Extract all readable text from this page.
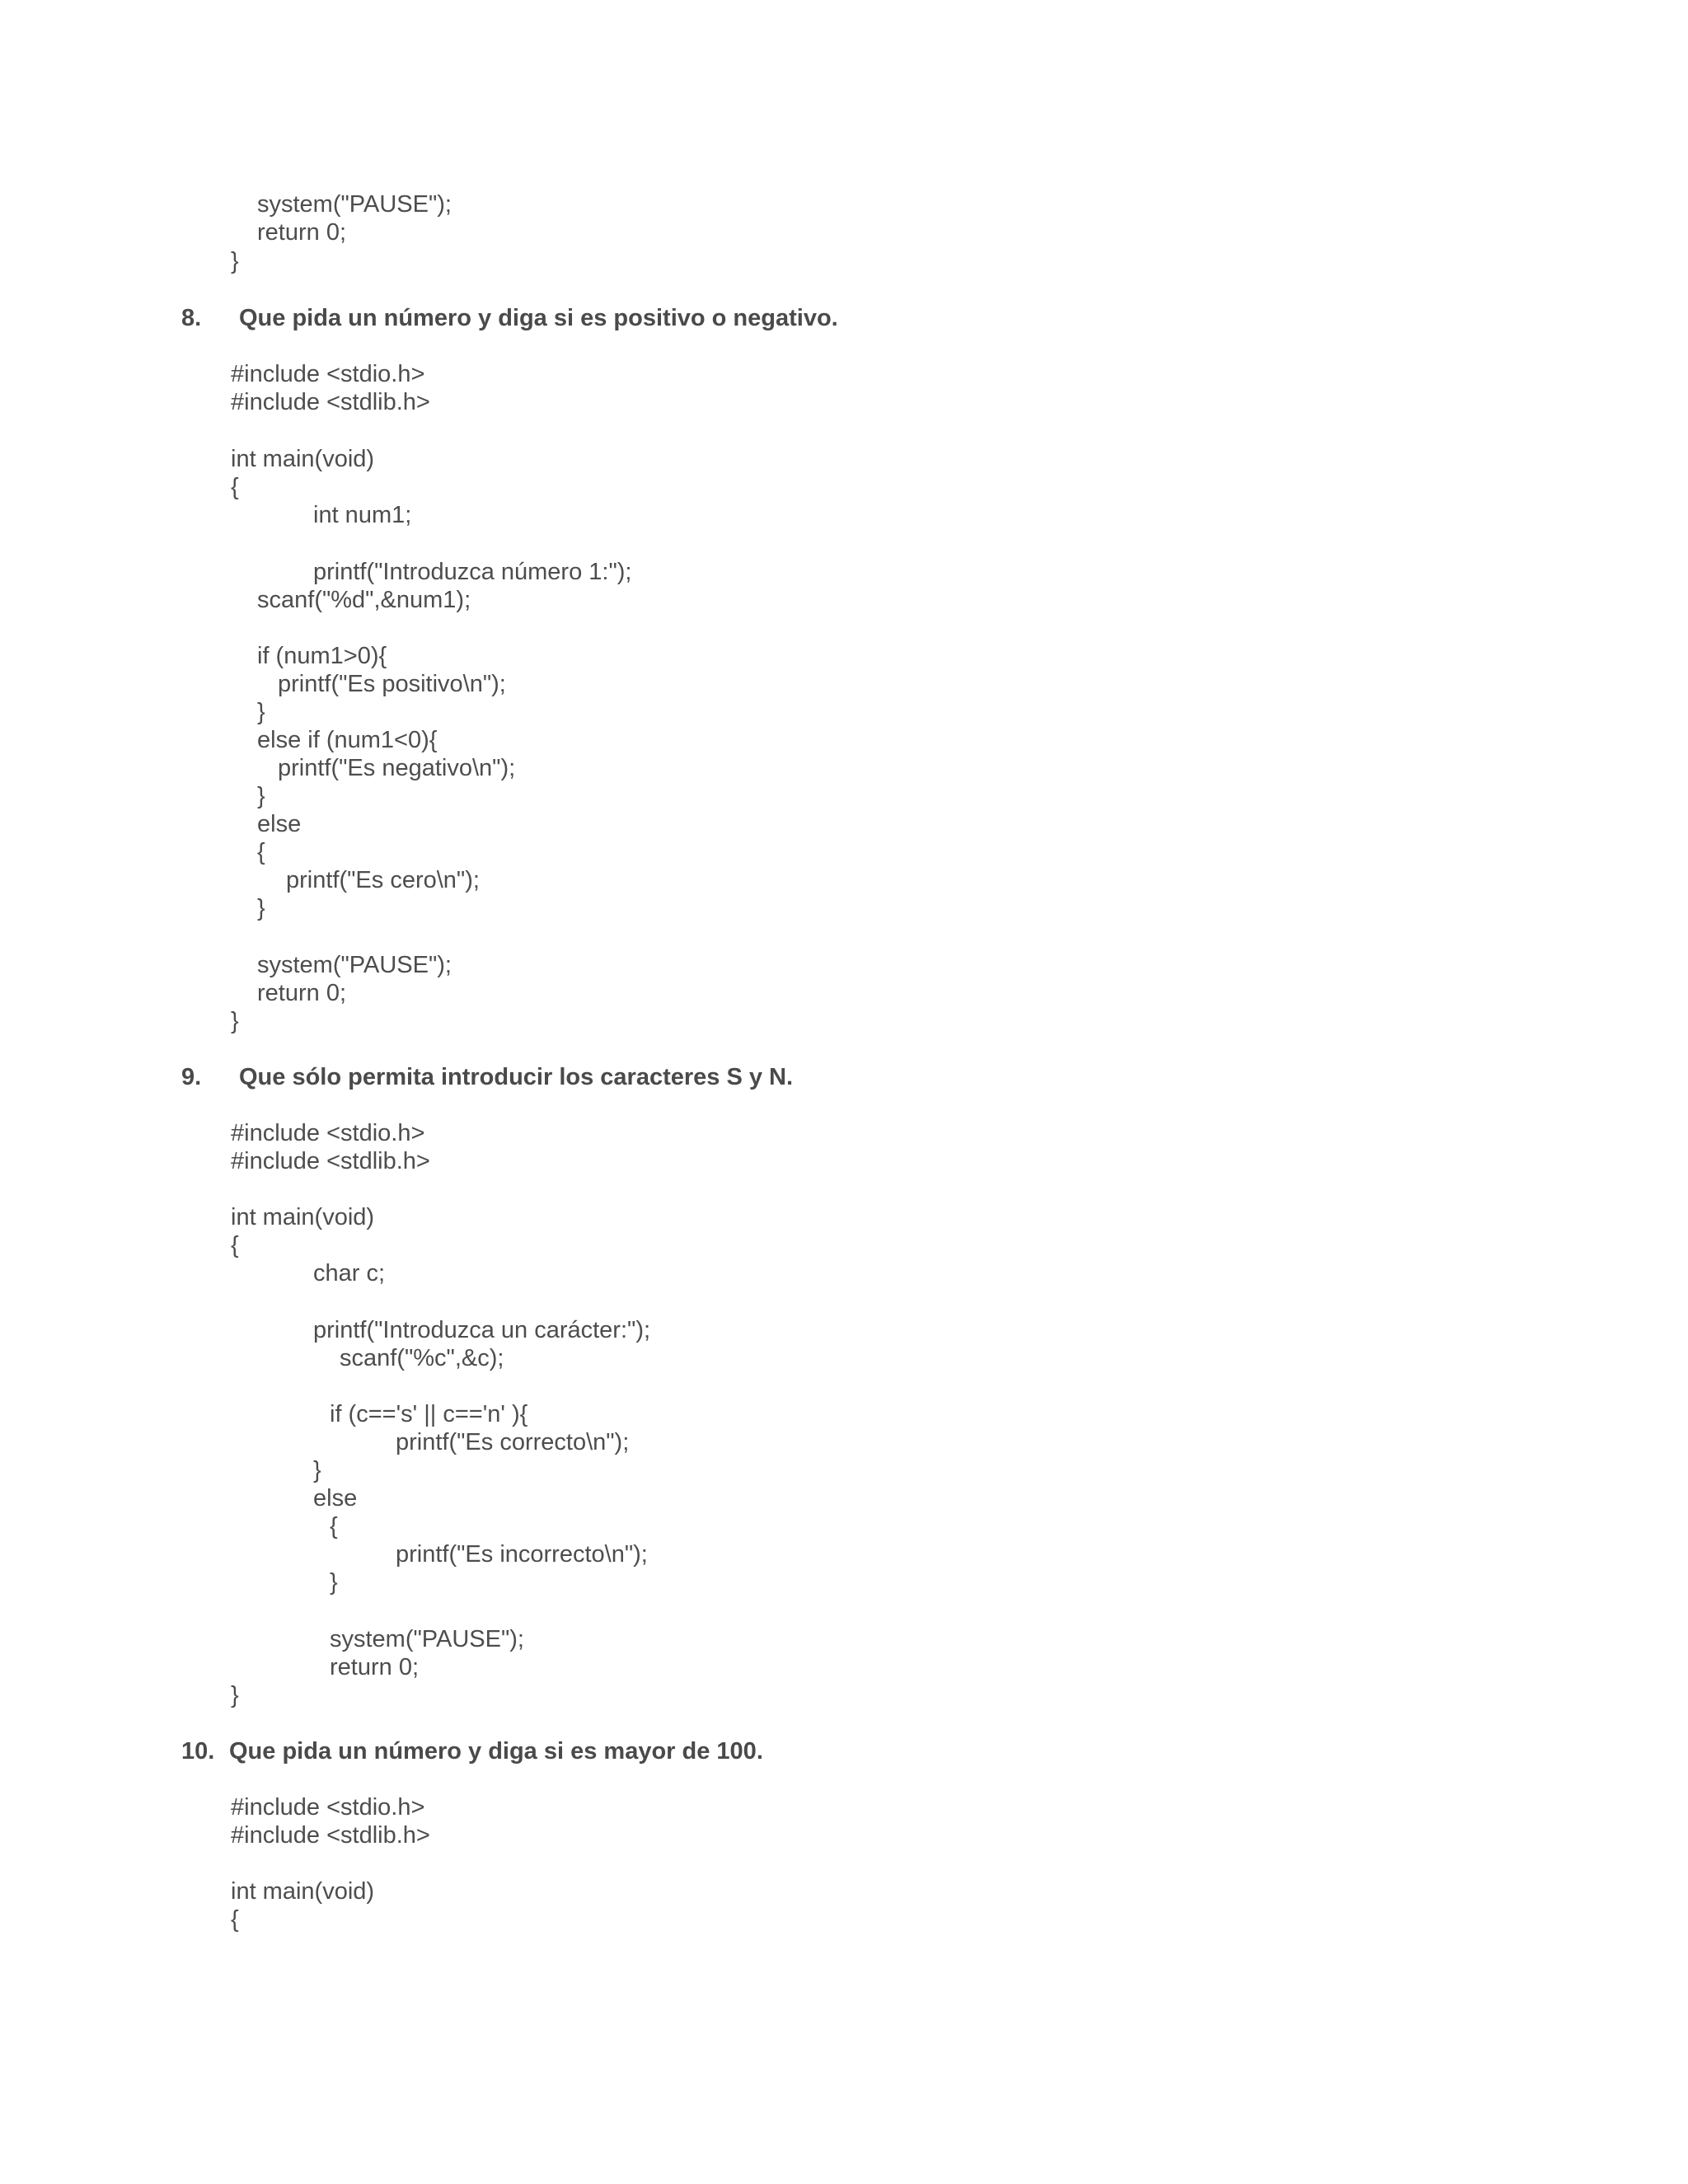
system("PAUSE");
return 0;
}

8.

Que pida un número y diga si es positivo o negativo.

#include <stdio.h>
#include <stdlib.h>
int main(void)
{
int num1;
printf("Introduzca número 1:");
scanf("%d",&num1);
if (num1>0){
printf("Es positivo\n");
}
else if (num1<0){
printf("Es negativo\n");
}
else
{
printf("Es cero\n");
}
system("PAUSE");
return 0;
}

9.

Que sólo permita introducir los caracteres S y N.

#include <stdio.h>
#include <stdlib.h>
int main(void)
{
char c;
printf("Introduzca un carácter:");
scanf("%c",&c);
if (c=='s' || c=='n' ){
printf("Es correcto\n");
}
else
{
printf("Es incorrecto\n");
}
system("PAUSE");
return 0;
}

10.

Que pida un número y diga si es mayor de 100.

#include <stdio.h>
#include <stdlib.h>
int main(void)
{
